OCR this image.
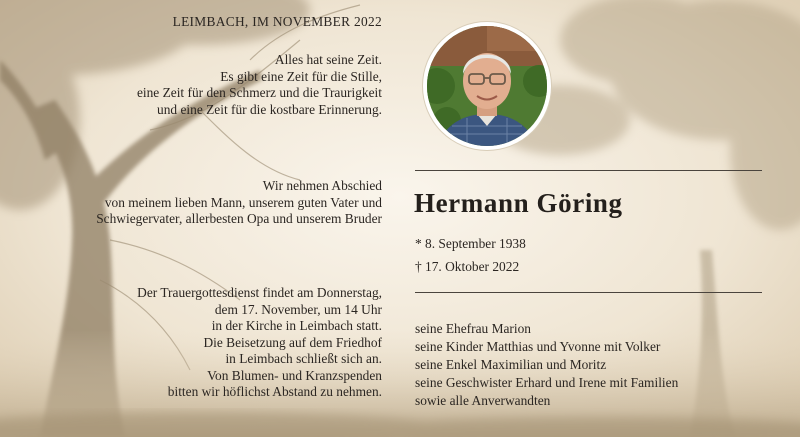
LEIMBACH, IM NOVEMBER 2022

Alles hat seine Zeit.

Es gibt eine Zeit für die Stille,

eine Zeit für den Schmerz und die Traurigkeit

und eine Zeit für die kostbare Erinnerung.

Wir nehmen Abschied

von meinem lieben Mann, unserem guten Vater und

Schwiegervater, allerbesten Opa und unserem Bruder

Der Trauergottesdienst findet am Donnerstag,

dem 17. November, um 14 Uhr

in der Kirche in Leimbach statt.

Die Beisetzung auf dem Friedhof

in Leimbach schließt sich an.

Von Blumen- und Kranzspenden

bitten wir höflichst Abstand zu nehmen.

Hermann Göring
* 8. September 1938
† 17. Oktober 2022
seine Ehefrau Marion
seine Kinder Matthias und Yvonne mit Volker
seine Enkel Maximilian und Moritz
seine Geschwister Erhard und Irene mit Familien
sowie alle Anverwandten
